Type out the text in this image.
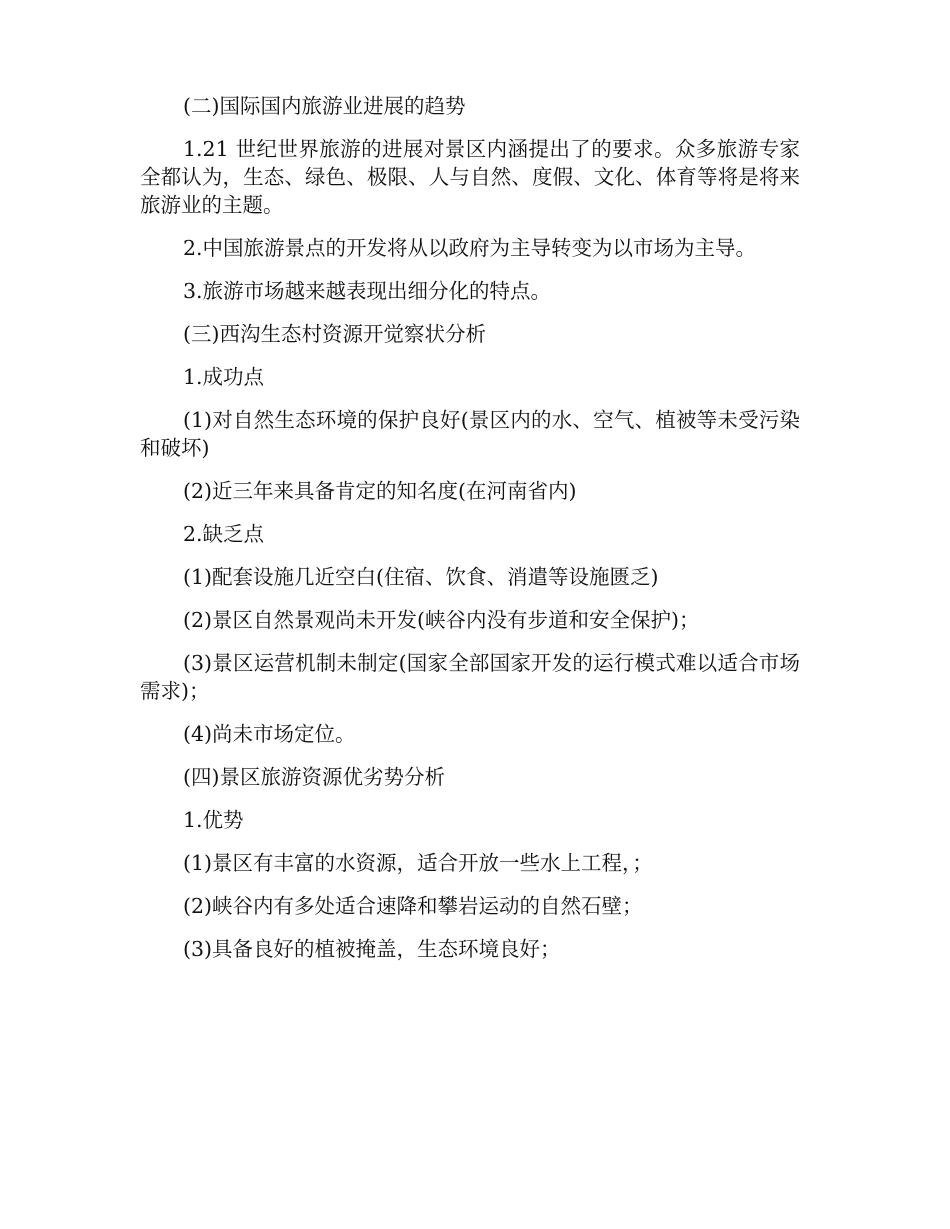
(二)国际国内旅游业进展的趋势

1.21 世纪世界旅游的进展对景区内涵提出了的要求。众多旅游专家全都认为，生态、绿色、极限、人与自然、度假、文化、体育等将是将来旅游业的主题。

2.中国旅游景点的开发将从以政府为主导转变为以市场为主导。

3.旅游市场越来越表现出细分化的特点。

(三)西沟生态村资源开觉察状分析

1.成功点

(1)对自然生态环境的保护良好(景区内的水、空气、植被等未受污染和破坏)

(2)近三年来具备肯定的知名度(在河南省内)

2.缺乏点

(1)配套设施几近空白(住宿、饮食、消遣等设施匮乏)

(2)景区自然景观尚未开发(峡谷内没有步道和安全保护)；

(3)景区运营机制未制定(国家全部国家开发的运行模式难以适合市场需求)；

(4)尚未市场定位。

(四)景区旅游资源优劣势分析

1.优势

(1)景区有丰富的水资源，适合开放一些水上工程，；

(2)峡谷内有多处适合速降和攀岩运动的自然石壁；

(3)具备良好的植被掩盖，生态环境良好；
